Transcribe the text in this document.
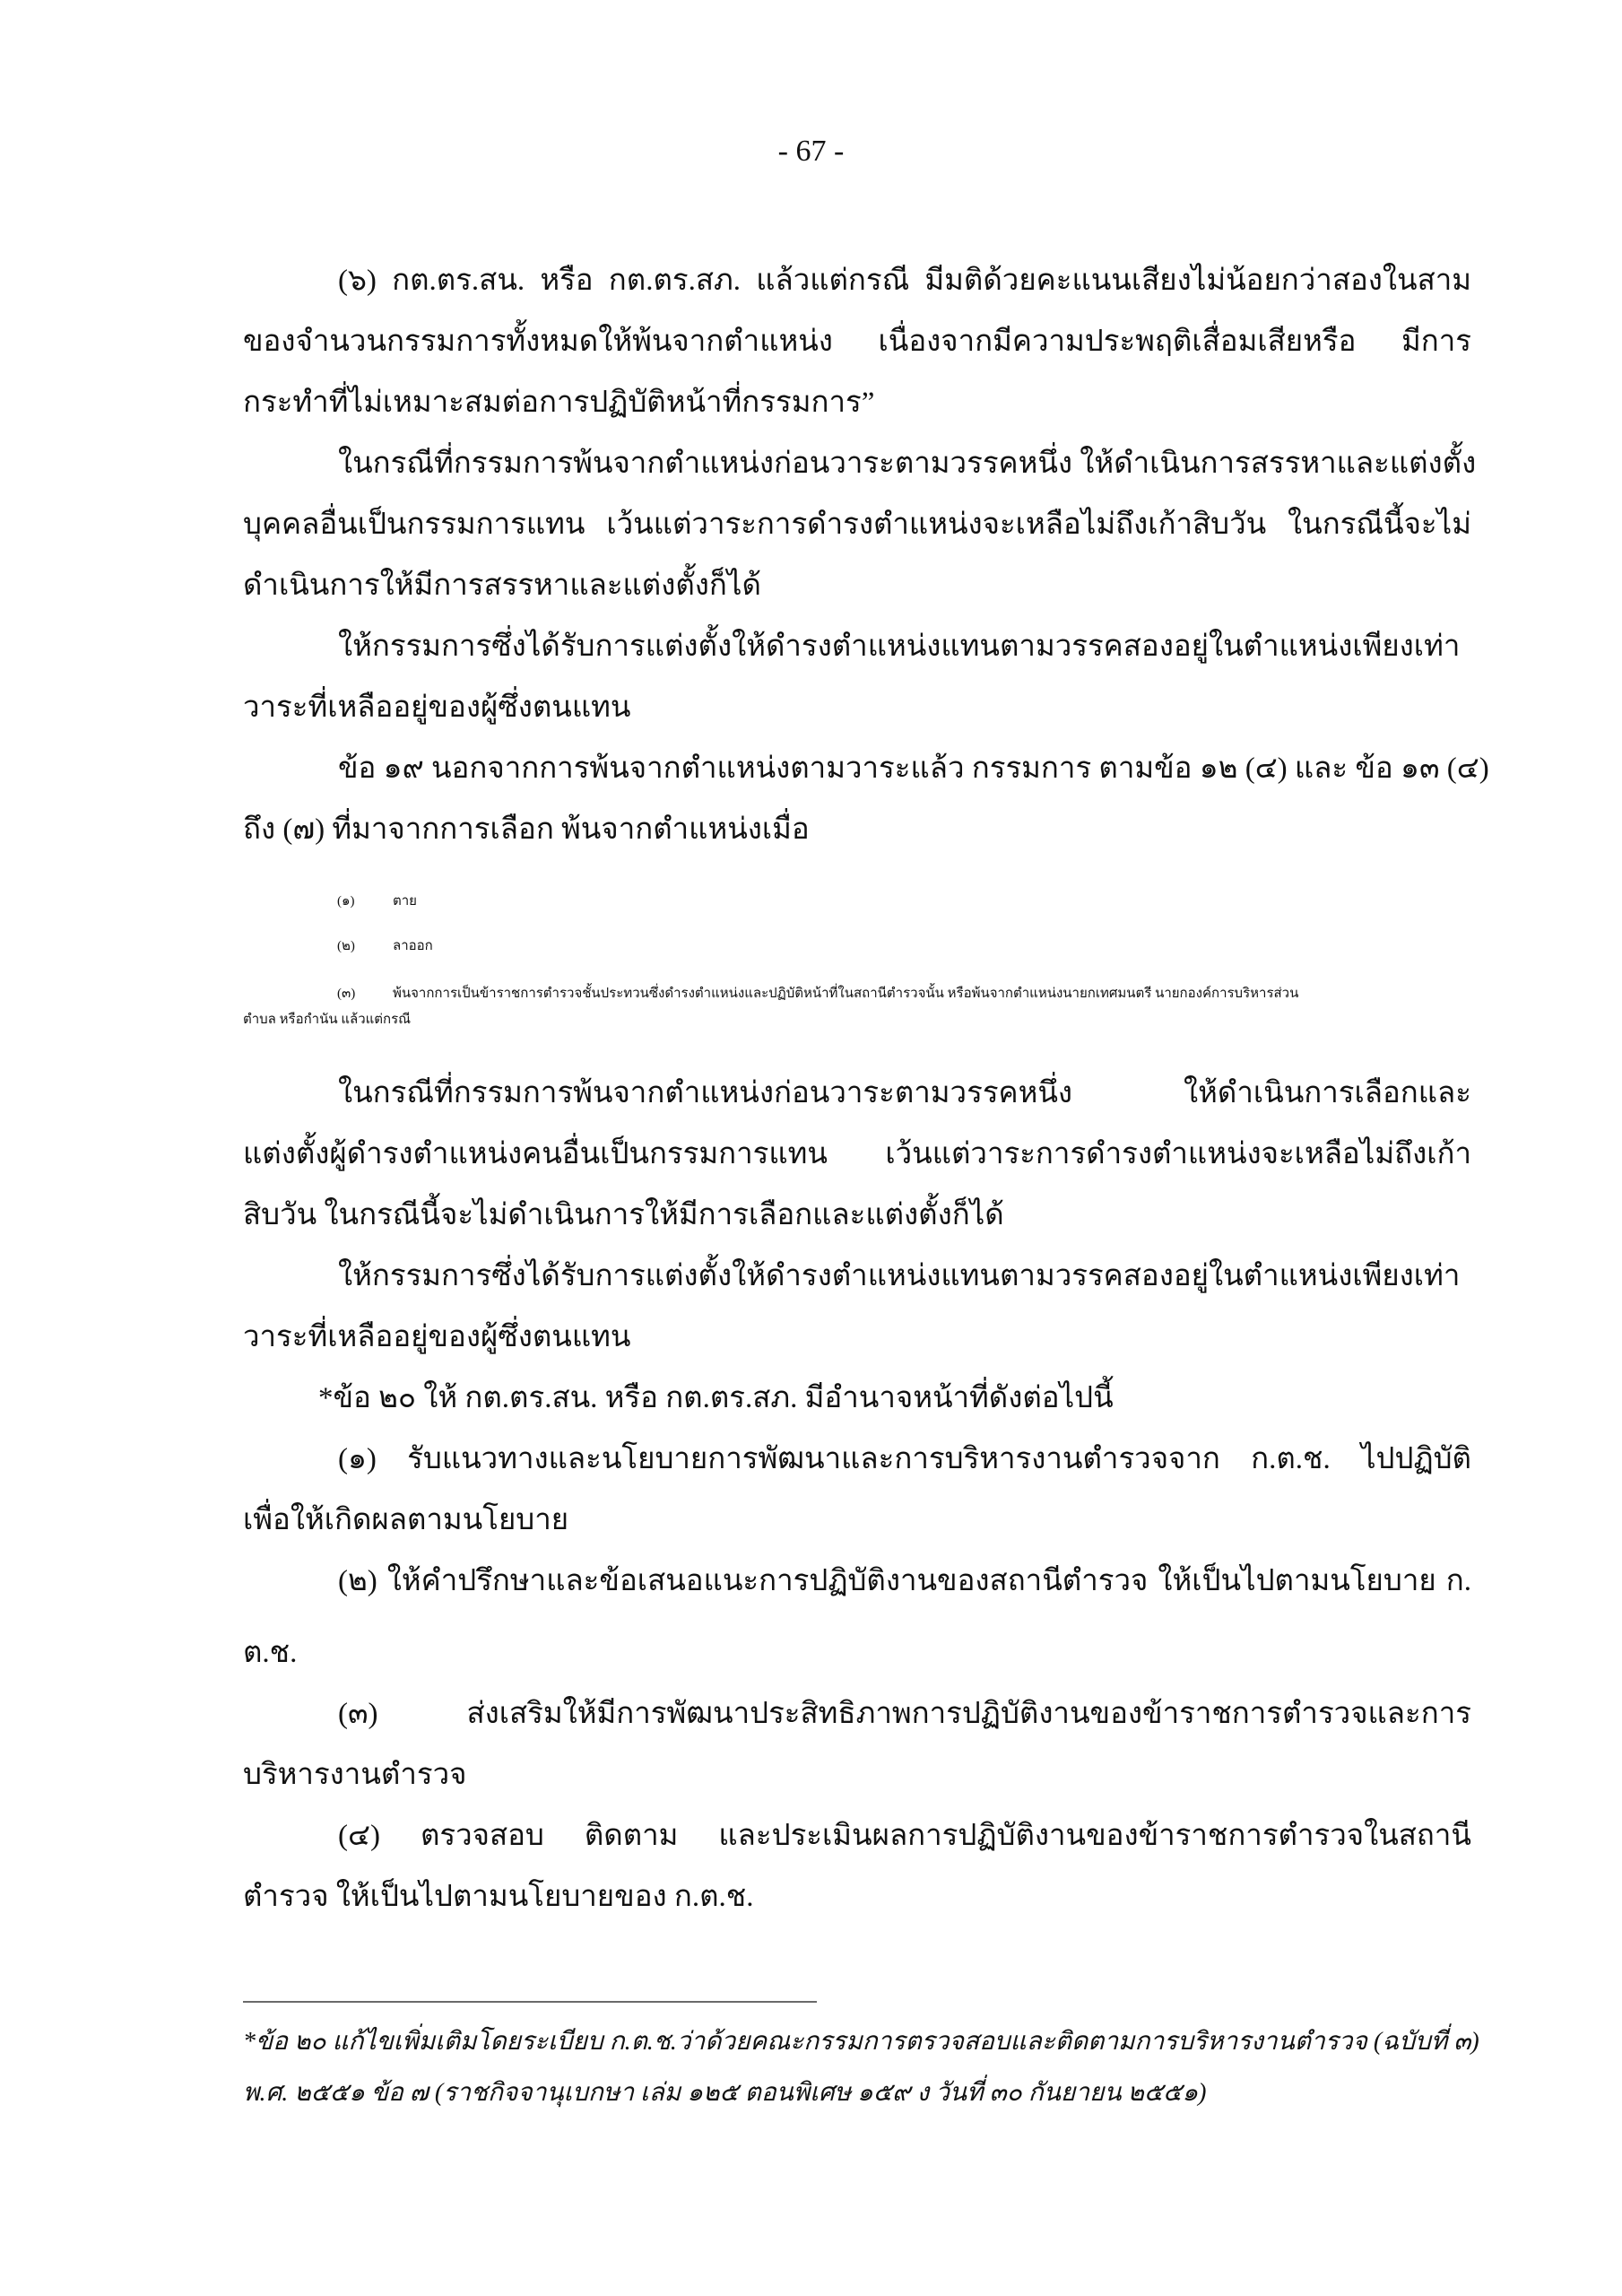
- 67 -
(๖) กต.ตร.สน. หรือ กต.ตร.สภ. แล้วแต่กรณี มีมติด้วยคะแนนเสียงไม่น้อยกว่าสองในสาม
ของจำนวนกรรมการทั้งหมดให้พ้นจากตำแหน่ง เนื่องจากมีความประพฤติเสื่อมเสียหรือ มีการ
กระทำที่ไม่เหมาะสมต่อการปฏิบัติหน้าที่กรรมการ”
ในกรณีที่กรรมการพ้นจากตำแหน่งก่อนวาระตามวรรคหนึ่ง ให้ดำเนินการสรรหาและแต่งตั้ง
บุคคลอื่นเป็นกรรมการแทน เว้นแต่วาระการดำรงตำแหน่งจะเหลือไม่ถึงเก้าสิบวัน ในกรณีนี้จะไม่
ดำเนินการให้มีการสรรหาและแต่งตั้งก็ได้
ให้กรรมการซึ่งได้รับการแต่งตั้งให้ดำรงตำแหน่งแทนตามวรรคสองอยู่ในตำแหน่งเพียงเท่า
วาระที่เหลืออยู่ของผู้ซึ่งตนแทน
ข้อ ๑๙ นอกจากการพ้นจากตำแหน่งตามวาระแล้ว กรรมการ ตามข้อ ๑๒ (๔) และ ข้อ ๑๓ (๔)
ถึง (๗) ที่มาจากการเลือก พ้นจากตำแหน่งเมื่อ
(๑)	ตาย
(๒)	ลาออก
(๓)	พ้นจากการเป็นข้าราชการตำรวจชั้นประทวนซึ่งดำรงตำแหน่งและปฏิบัติหน้าที่ในสถานีตำรวจนั้น หรือพ้นจากตำแหน่งนายกเทศมนตรี นายกองค์การบริหารส่วน
ตำบล หรือกำนัน แล้วแต่กรณี
ในกรณีที่กรรมการพ้นจากตำแหน่งก่อนวาระตามวรรคหนึ่ง ให้ดำเนินการเลือกและ
แต่งตั้งผู้ดำรงตำแหน่งคนอื่นเป็นกรรมการแทน เว้นแต่วาระการดำรงตำแหน่งจะเหลือไม่ถึงเก้า
สิบวัน ในกรณีนี้จะไม่ดำเนินการให้มีการเลือกและแต่งตั้งก็ได้
ให้กรรมการซึ่งได้รับการแต่งตั้งให้ดำรงตำแหน่งแทนตามวรรคสองอยู่ในตำแหน่งเพียงเท่า
วาระที่เหลืออยู่ของผู้ซึ่งตนแทน
*ข้อ ๒๐ ให้ กต.ตร.สน. หรือ กต.ตร.สภ. มีอำนาจหน้าที่ดังต่อไปนี้
(๑) รับแนวทางและนโยบายการพัฒนาและการบริหารงานตำรวจจาก ก.ต.ช. ไปปฏิบัติ
เพื่อให้เกิดผลตามนโยบาย
(๒) ให้คำปรึกษาและข้อเสนอแนะการปฏิบัติงานของสถานีตำรวจ ให้เป็นไปตามนโยบาย ก.
ต.ช.
(๓) ส่งเสริมให้มีการพัฒนาประสิทธิภาพการปฏิบัติงานของข้าราชการตำรวจและการ
บริหารงานตำรวจ
(๔) ตรวจสอบ ติดตาม และประเมินผลการปฏิบัติงานของข้าราชการตำรวจในสถานี
ตำรวจ ให้เป็นไปตามนโยบายของ ก.ต.ช.
*ข้อ ๒๐ แก้ไขเพิ่มเติมโดยระเบียบ ก.ต.ช.ว่าด้วยคณะกรรมการตรวจสอบและติดตามการบริหารงานตำรวจ (ฉบับที่ ๓)
พ.ศ. ๒๕๕๑ ข้อ ๗ (ราชกิจจานุเบกษา เล่ม ๑๒๕ ตอนพิเศษ ๑๕๙ ง วันที่ ๓๐ กันยายน ๒๕๕๑)
